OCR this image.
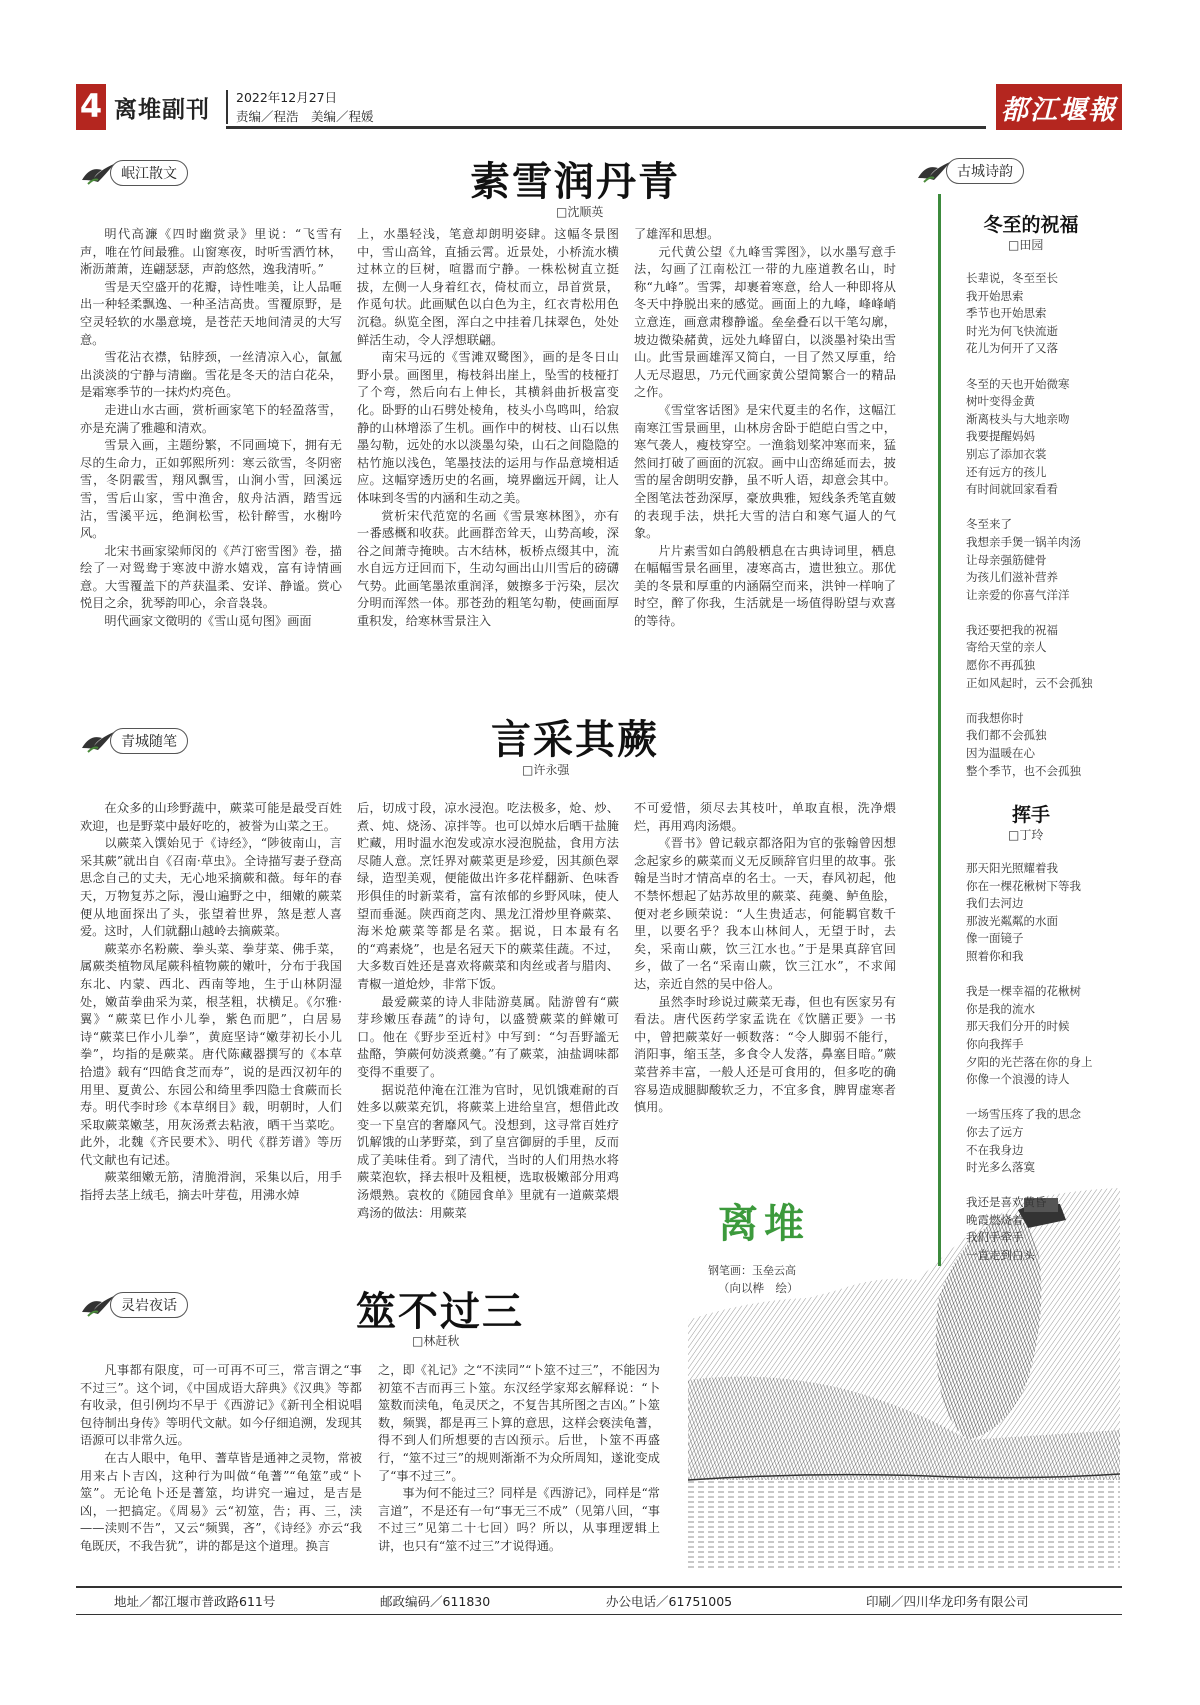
4 离堆副刊 2022年12月27日
责编／程浩　美编／程媛	都江堰報
岷江散文	素雪润丹青
□沈顺英

明代高濂《四时幽赏录》里说：“飞雪有声，唯在竹间最雅。山窗寒夜，时听雪洒竹林，淅沥萧萧，连翩瑟瑟，声韵悠然，逸我清听。”

雪是天空盛开的花瓣，诗性唯美，让人品咂出一种轻柔飘逸、一种圣洁高贵。雪覆原野，是空灵轻软的水墨意境，是苍茫天地间清灵的大写意。

雪花沾衣襟，钻脖颈，一丝清凉入心，氤氲出淡淡的宁静与清幽。雪花是冬天的洁白花朵，是霜寒季节的一抹灼灼亮色。

走进山水古画，赏析画家笔下的轻盈落雪，亦是充满了雅趣和清欢。

雪景入画，主题纷繁，不同画境下，拥有无尽的生命力，正如郭熙所列：寒云欲雪，冬阴密雪，冬阴霰雪，翔风飘雪，山涧小雪，回溪远雪，雪后山家，雪中渔舍，舣舟沽酒，踏雪远沽，雪溪平远，绝涧松雪，松针醉雪，水榭吟风。

北宋书画家梁师闵的《芦汀密雪图》卷，描绘了一对鸳鸯于寒波中游水嬉戏，富有诗情画意。大雪覆盖下的芦获温柔、安详、静谧。赏心悦目之余，犹琴韵叩心，余音袅袅。

明代画家文徵明的《雪山觅句图》画面

上，水墨轻浅，笔意却朗明姿肆。这幅冬景图中，雪山高耸，直插云霄。近景处，小桥流水横过林立的巨树，喧嚣而宁静。一株松树直立挺拔，左侧一人身着红衣，倚杖而立，昂首赏景，作觅句状。此画赋色以白色为主，红衣青松用色沉稳。纵览全图，浑白之中挂着几抹翠色，处处鲜活生动，令人浮想联翩。

南宋马远的《雪滩双鹭图》，画的是冬日山野小景。画图里，梅枝斜出崖上，坠雪的枝桠打了个弯，然后向右上伸长，其横斜曲折极富变化。卧野的山石劈处棱角，枝头小鸟鸣叫，给寂静的山林增添了生机。画作中的树枝、山石以焦墨勾勒，远处的水以淡墨勾染，山石之间隐隐的枯竹施以浅色，笔墨技法的运用与作品意境相适应。这幅穿透历史的名画，境界幽远开阔，让人体味到冬雪的内涵和生动之美。

赏析宋代范宽的名画《雪景寒林图》，亦有一番感概和收获。此画群峦耸天，山势高峻，深谷之间萧寺掩映。古木结林，板桥点缀其中，流水自远方迂回而下，生动勾画出山川雪后的磅礴气势。此画笔墨浓重润泽，皴擦多于污染，层次分明而浑然一体。那苍劲的粗笔勾勒，使画面厚重积发，给寒林雪景注入

了雄浑和思想。

元代黄公望《九峰雪霁图》，以水墨写意手法，勾画了江南松江一带的九座道教名山，时称“九峰”。雪霁，却裹着寒意，给人一种即将从冬天中挣脱出来的感觉。画面上的九峰，峰峰峭立意连，画意肃穆静谧。垒垒叠石以干笔勾廓，坡边微染赭黄，远处九峰留白，以淡墨衬染出雪山。此雪景画雄浑又简白，一目了然又厚重，给人无尽遐思，乃元代画家黄公望简繁合一的精品之作。

《雪堂客话图》是宋代夏圭的名作，这幅江南寒江雪景画里，山林房舍卧于皑皑白雪之中，寒气袭人，瘦枝穿空。一渔翁划桨冲寒而来，猛然间打破了画面的沉寂。画中山峦绵延而去，披雪的屋舍朗明安静，虽不听人语，却意会其中。全图笔法苍劲深厚，豪放典雅，短线条秃笔直皴的表现手法，烘托大雪的洁白和寒气逼人的气象。

片片素雪如白鸽般栖息在古典诗词里，栖息在幅幅雪景名画里，凄寒高古，遗世独立。那优美的冬景和厚重的内涵隔空而来，洪钟一样响了时空，醉了你我，生活就是一场值得盼望与欢喜的等待。

青城随笔	言采其蕨
□许永强

在众多的山珍野蔬中，蕨菜可能是最受百姓欢迎，也是野菜中最好吃的，被誉为山菜之王。

以蕨菜入馔始见于《诗经》，“陟彼南山，言采其蕨”就出自《召南·草虫》。全诗描写妻子登高思念自己的丈夫，无心地采摘蕨和薇。每年的春天，万物复苏之际，漫山遍野之中，细嫩的蕨菜便从地面探出了头，张望着世界，煞是惹人喜爱。这时，人们就翻山越岭去摘蕨菜。

蕨菜亦名粉蕨、拳头菜、拳芽菜、佛手菜，属蕨类植物凤尾蕨科植物蕨的嫩叶，分布于我国东北、内蒙、西北、西南等地，生于山林阴湿处，嫩苗拳曲采为菜，根茎粗，状横足。《尔雅·翼》“蕨菜巳作小儿拳，紫色而肥”，白居易诗“蕨菜巳作小儿拳”，黄庭坚诗“嫩芽初长小儿拳”，均指的是蕨菜。唐代陈藏器撰写的《本草拾遗》载有“四皓食芝而寿”，说的是西汉初年的用里、夏黄公、东园公和绮里季四隐士食蕨而长寿。明代李时珍《本草纲目》载，明朝时，人们采取蕨菜嫩茎，用灰汤煮去粘液，晒干当菜吃。此外，北魏《齐民要术》、明代《群芳谱》等历代文献也有记述。

蕨菜细嫩无筋，清脆滑润，采集以后，用手指捋去茎上绒毛，摘去叶芽苞，用沸水焯

后，切成寸段，凉水浸泡。吃法极多，炝、炒、煮、炖、烧汤、凉拌等。也可以焯水后晒干盐腌贮藏，用时温水泡发或凉水浸泡脱盐，食用方法尽随人意。烹饪界对蕨菜更是珍爱，因其颜色翠绿，造型美观，便能做出许多花样翻新、色味香形俱佳的时新菜肴，富有浓郁的乡野风味，使人望而垂涎。陕西商芝肉、黑龙江滑炒里脊蕨菜、海米炝蕨菜等都是名菜。据说，日本最有名的“鸡素烧”，也是名冠天下的蕨菜佳蔬。不过，大多数百姓还是喜欢将蕨菜和肉丝或者与腊肉、青椒一道炝炒，非常下饭。

最爱蕨菜的诗人非陆游莫属。陆游曾有“蕨芽珍嫩压春蔬”的诗句，以盛赞蕨菜的鲜嫩可口。他在《野步至近村》中写到：“匀吾野謐无盐酪，笋蕨何妨淡煮羹。”有了蕨菜，油盐调味都变得不重要了。

据说范仲淹在江淮为官时，见饥饿难耐的百姓多以蕨菜充饥，将蕨菜上进给皇宫，想借此改变一下皇宫的奢靡风气。没想到，这寻常百姓疗饥解饿的山茅野菜，到了皇宫御厨的手里，反而成了美味佳肴。到了清代，当时的人们用热水将蕨菜泡软，择去根叶及粗梗，选取极嫩部分用鸡汤煨熟。袁枚的《随园食单》里就有一道蕨菜煨鸡汤的做法：用蕨菜

不可爱惜，须尽去其枝叶，单取直根，洗净煨烂，再用鸡肉汤煨。

《晋书》曾记载京都洛阳为官的张翰曾因想念起家乡的蕨菜而义无反顾辞官归里的故事。张翰是当时才情高卓的名士。一天，春风初起，他不禁怀想起了姑苏故里的蕨菜、莼羹、鲈鱼脍，便对老乡顾荣说：“人生贵适志，何能羁官数千里，以要名乎？我本山林间人，无望于时，去矣，采南山蕨，饮三江水也。”于是果真辞官回乡，做了一名“采南山蕨，饮三江水”，不求闻达，亲近自然的吴中俗人。

虽然李时珍说过蕨菜无毒，但也有医家另有看法。唐代医药学家孟诜在《饮膳正要》一书中，曾把蕨菜好一顿数落：“令人脚弱不能行，消阳事，缩玉茎，多食令人发落，鼻塞目暗。”蕨菜营养丰富，一般人还是可食用的，但多吃的确容易造成腿脚酸软乏力，不宜多食，脾胃虚寒者慎用。

灵岩夜话	筮不过三
□林赶秋

凡事都有限度，可一可再不可三，常言谓之“事不过三”。这个词，《中国成语大辞典》《汉典》等都有收录，但引例均不早于《西游记》《新刊全相说唱包待制出身传》等明代文献。如今仔细追溯，发现其语源可以非常久远。

在古人眼中，龟甲、蓍草皆是通神之灵物，常被用来占卜吉凶，这种行为叫做“龟蓍”“龟筮”或“卜筮”。无论龟卜还是蓍筮，均讲究一遍过，是吉是凶，一把搞定。《周易》云“初筮，告；再、三，渎——渎则不告”，又云“频巽，吝”，《诗经》亦云“我龟既厌，不我告犹”，讲的都是这个道理。换言

之，即《礼记》之“不渎同”“卜筮不过三”，不能因为初筮不吉而再三卜筮。东汉经学家郑玄解释说：“卜筮数而渎龟，龟灵厌之，不复告其所图之吉凶。”卜筮数，频巽，都是再三卜算的意思，这样会亵渎龟蓍，得不到人们所想要的吉凶预示。后世，卜筮不再盛行，“筮不过三”的规则渐渐不为众所周知，遂讹变成了“事不过三”。

事为何不能过三？同样是《西游记》，同样是“常言道”，不是还有一句“事无三不成”（见第八回，“事不过三”见第二十七回）吗？所以，从事理逻辑上讲，也只有“筮不过三”才说得通。

离堆
钢笔画：玉垒云高
（向以桦　绘）
古城诗韵
冬至的祝福
□田园

长辈说，冬至至长

我开始思索

季节也开始思索

时光为何飞快流逝

花儿为何开了又落

冬至的天也开始微寒

树叶变得金黄

渐离枝头与大地亲吻

我要提醒妈妈

别忘了添加衣裳

还有远方的孩儿

有时间就回家看看

冬至来了

我想亲手煲一锅羊肉汤

让母亲强筋健骨

为孩儿们滋补营养

让亲爱的你喜气洋洋

我还要把我的祝福

寄给天堂的亲人

愿你不再孤独

正如风起时，云不会孤独

而我想你时

我们都不会孤独

因为温暖在心

整个季节，也不会孤独

挥手
□丁玲

那天阳光照耀着我

你在一棵花楸树下等我

我们去河边

那波光粼粼的水面

像一面镜子

照着你和我

我是一棵幸福的花楸树

你是我的流水

那天我们分开的时候

你向我挥手

夕阳的光芒落在你的身上

你像一个浪漫的诗人

一场雪压疼了我的思念

你去了远方

不在我身边

时光多么落寞

我还是喜欢黄昏

晚霞燃烧着

我们手牵手

一直走到白头

地址／都江堰市普政路611号	邮政编码／611830	办公电话／61751005	印刷／四川华龙印务有限公司
